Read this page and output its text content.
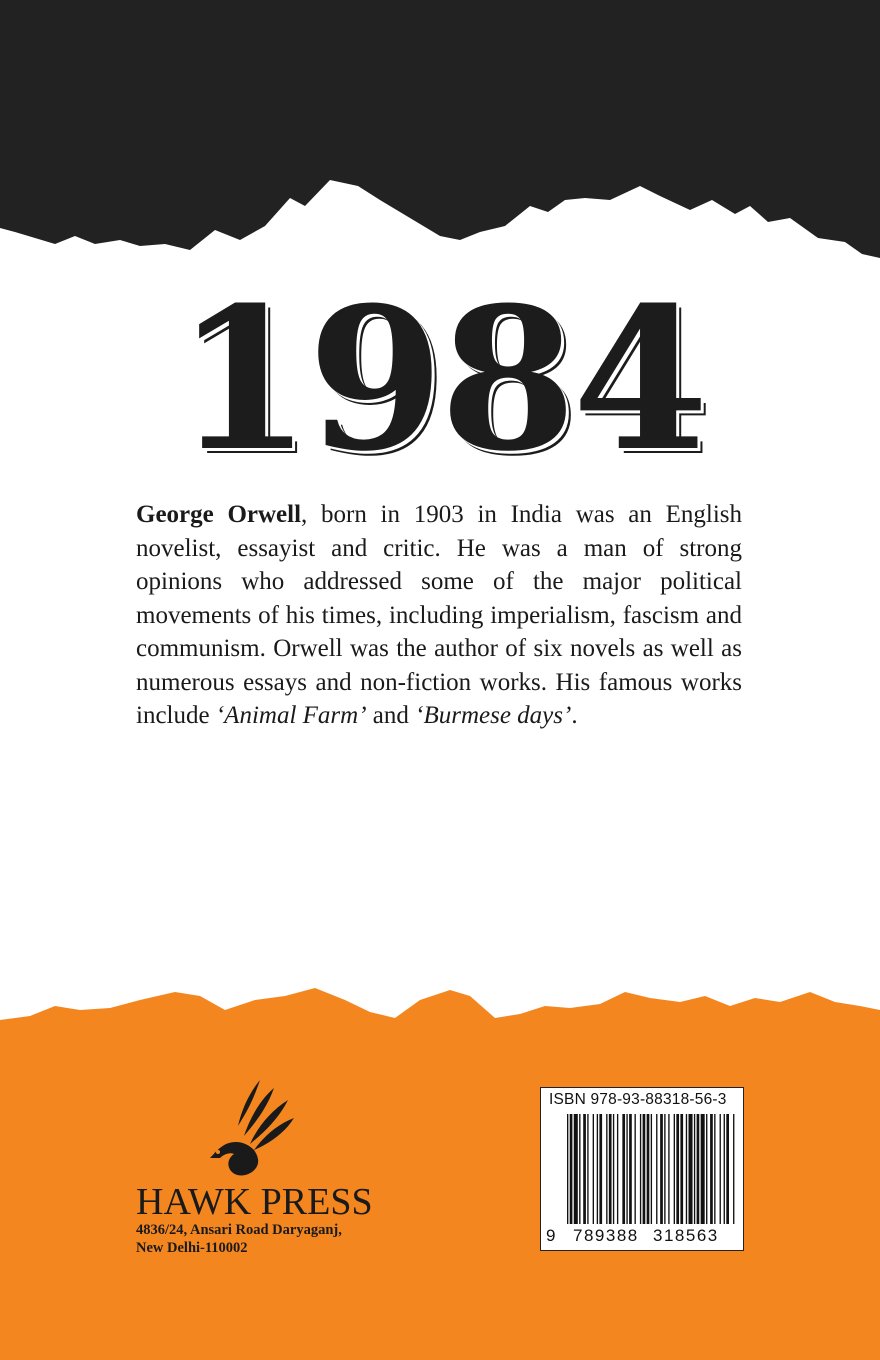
1984
George Orwell, born in 1903 in India was an English novelist, essayist and critic. He was a man of strong opinions who addressed some of the major political movements of his times, including imperialism, fascism and communism. Orwell was the author of six novels as well as numerous essays and non-fiction works. His famous works include ‘Animal Farm’ and ‘Burmese days’.
HAWK PRESS
4836/24, Ansari Road Daryaganj,
New Delhi-110002
ISBN 978-93-88318-56-3
9 789388 318563
